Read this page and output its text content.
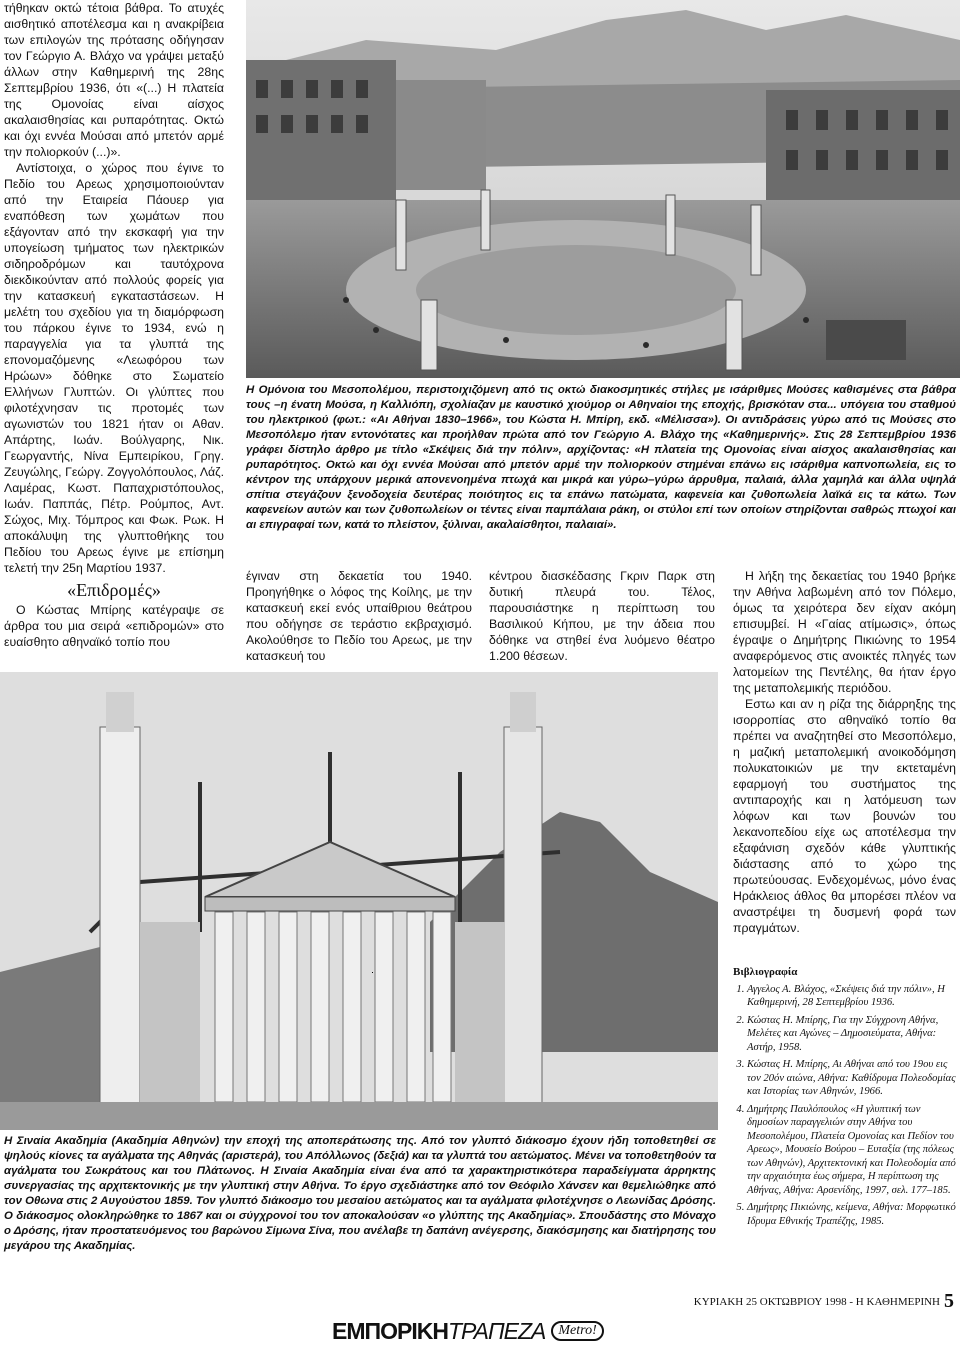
τήθηκαν οκτώ τέτοια βάθρα. Το ατυχές αισθητικό αποτέλεσμα και η ανακρίβεια των επιλογών της πρότασης οδήγησαν τον Γεώργιο Α. Βλάχο να γράψει μεταξύ άλλων στην Καθημερινή της 28ης Σεπτεμβρίου 1936, ότι «(...) Η πλατεία της Ομονοίας είναι αίσχος ακαλαισθησίας και ρυπαρότητας. Οκτώ και όχι εννέα Μούσαι από μπετόν αρμέ την πολιορκούν (...)».

Αντίστοιχα, ο χώρος που έγινε το Πεδίο του Αρεως χρησιμοποιούνταν από την Εταιρεία Πάουερ για εναπόθεση των χωμάτων που εξάγονταν από την εκσκαφή για την υπογείωση τμήματος των ηλεκτρικών σιδηροδρόμων και ταυτόχρονα διεκδικούνταν από πολλούς φορείς για την κατασκευή εγκαταστάσεων. Η μελέτη του σχεδίου για τη διαμόρφωση του πάρκου έγινε το 1934, ενώ η παραγγελία για τα γλυπτά της επονομαζόμενης «Λεωφόρου των Ηρώων» δόθηκε στο Σωματείο Ελλήνων Γλυπτών. Οι γλύπτες που φιλοτέχνησαν τις προτομές των αγωνιστών του 1821 ήταν οι Αθαν. Απάρτης, Ιωάν. Βούλγαρης, Νικ. Γεωργαντής, Νίνα Εμπειρίκου, Γρηγ. Ζευγώλης, Γεώργ. Ζογγολόπουλος, Λάζ. Λαμέρας, Κωστ. Παπαχριστόπουλος, Ιωάν. Παππάς, Πέτρ. Ρούμπος, Αντ. Σώχος, Μιχ. Τόμπρος και Φωκ. Ρωκ. Η αποκάλυψη της γλυπτοθήκης του Πεδίου του Αρεως έγινε με επίσημη τελετή την 25η Μαρτίου 1937.

«Επιδρομές»

Ο Κώστας Μπίρης κατέγραψε σε άρθρα του μια σειρά «επιδρομών» στο ευαίσθητο αθηναϊκό τοπίο που

Η Ομόνοια του Μεσοπολέμου, περιστοιχιζόμενη από τις οκτώ διακοσμητικές στήλες με ισάριθμες Μούσες καθισμένες στα βάθρα τους –η ένατη Μούσα, η Καλλιόπη, σχολίαζαν με καυστικό χιούμορ οι Αθηναίοι της εποχής, βρισκόταν στα... υπόγεια του σταθμού του ηλεκτρικού (φωτ.: «Αι Αθήναι 1830–1966», του Κώστα Η. Μπίρη, εκδ. «Μέλισσα»). Οι αντιδράσεις γύρω από τις Μούσες στο Μεσοπόλεμο ήταν εντονότατες και προήλθαν πρώτα από τον Γεώργιο Α. Βλάχο της «Καθημερινής». Στις 28 Σεπτεμβρίου 1936 γράφει δίστηλο άρθρο με τίτλο «Σκέψεις διά την πόλιν», αρχίζοντας: «Η πλατεία της Ομονοίας είναι αίσχος ακαλαισθησίας και ρυπαρότητος. Οκτώ και όχι εννέα Μούσαι από μπετόν αρμέ την πολιορκούν στημέναι επάνω εις ισάριθμα καπνοπωλεία, εις το κέντρον της υπάρχουν μερικά απονενοημένα πτωχά και μικρά και γύρω–γύρω άρρυθμα, παλαιά, άλλα χαμηλά και άλλα υψηλά σπίτια στεγάζουν ξενοδοχεία δευτέρας ποιότητος εις τα επάνω πατώματα, καφενεία και ζυθοπωλεία λαϊκά εις τα κάτω. Των καφενείων αυτών και των ζυθοπωλείων οι τέντες είναι παμπάλαια ράκη, οι στύλοι επί των οποίων στηρίζονται σαθρώς πτωχοί και αι επιγραφαί των, κατά το πλείστον, ξύλιναι, ακαλαίσθητοι, παλαιαί».
έγιναν στη δεκαετία του 1940. Προηγήθηκε ο λόφος της Κοίλης, με την κατασκευή εκεί ενός υπαίθριου θεάτρου που οδήγησε σε τεράστιο εκβραχισμό. Ακολούθησε το Πεδίο του Αρεως, με την κατασκευή του
κέντρου διασκέδασης Γκριν Παρκ στη δυτική πλευρά του. Τέλος, παρουσιάστηκε η περίπτωση του Βασιλικού Κήπου, με την άδεια που δόθηκε να στηθεί ένα λυόμενο θέατρο 1.200 θέσεων.

Η λήξη της δεκαετίας του 1940 βρήκε την Αθήνα λαβωμένη από τον Πόλεμο, όμως τα χειρότερα δεν είχαν ακόμη επισυμβεί. Η «Γαίας ατίμωσις», όπως έγραψε ο Δημήτρης Πικιώνης το 1954 αναφερόμενος στις ανοικτές πληγές των λατομείων της Πεντέλης, θα ήταν έργο της μεταπολεμικής περιόδου.

Εστω και αν η ρίζα της διάρρηξης της ισορροπίας στο αθηναϊκό τοπίο θα πρέπει να αναζητηθεί στο Μεσοπόλεμο, η μαζική μεταπολεμική ανοικοδόμηση πολυκατοικιών με την εκτεταμένη εφαρμογή του συστήματος της αντιπαροχής και η λατόμευση των λόφων και των βουνών του λεκανοπεδίου είχε ως αποτέλεσμα την εξαφάνιση σχεδόν κάθε γλυπτικής διάστασης από το χώρο της πρωτεύουσας. Ενδεχομένως, μόνο ένας Ηράκλειος άθλος θα μπορέσει πλέον να αναστρέψει τη δυσμενή φορά των πραγμάτων.

Βιβλιογραφία
1. Αγγελος Α. Βλάχος, «Σκέψεις διά την πόλιν», Η Καθημερινή, 28 Σεπτεμβρίου 1936.
2. Κώστας Η. Μπίρης, Για την Σύγχρονη Αθήνα, Μελέτες και Αγώνες – Δημοσιεύματα, Αθήνα: Αστήρ, 1958.
3. Κώστας Η. Μπίρης, Αι Αθήναι από του 19ου εις τον 20όν αιώνα, Αθήνα: Καθίδρυμα Πολεοδομίας και Ιστορίας των Αθηνών, 1966.
4. Δημήτρης Παυλόπουλος «Η γλυπτική των δημοσίων παραγγελιών στην Αθήνα του Μεσοπολέμου, Πλατεία Ομονοίας και Πεδίον του Αρεως», Μουσείο Βούρου – Ευταξία (της πόλεως των Αθηνών), Αρχιτεκτονική και Πολεοδομία από την αρχαιότητα έως σήμερα, Η περίπτωση της Αθήνας, Αθήνα: Αρσενίδης, 1997, σελ. 177–185.
5. Δημήτρης Πικιώνης, κείμενα, Αθήνα: Μορφωτικό Ιδρυμα Εθνικής Τραπέζης, 1985.
Η Σιναία Ακαδημία (Ακαδημία Αθηνών) την εποχή της αποπεράτωσης της. Από τον γλυπτό διάκοσμο έχουν ήδη τοποθετηθεί σε ψηλούς κίονες τα αγάλματα της Αθηνάς (αριστερά), του Απόλλωνος (δεξιά) και τα γλυπτά του αετώματος. Μένει να τοποθετηθούν τα αγάλματα του Σωκράτους και του Πλάτωνος. Η Σιναία Ακαδημία είναι ένα από τα χαρακτηριστικότερα παραδείγματα άρρηκτης συνεργασίας της αρχιτεκτονικής με την γλυπτική στην Αθήνα. Το έργο σχεδιάστηκε από τον Θεόφιλο Χάνσεν και θεμελιώθηκε από τον Οθωνα στις 2 Αυγούστου 1859. Τον γλυπτό διάκοσμο του μεσαίου αετώματος και τα αγάλματα φιλοτέχνησε ο Λεωνίδας Δρόσης. Ο διάκοσμος ολοκληρώθηκε το 1867 και οι σύγχρονοί του τον αποκαλούσαν «ο γλύπτης της Ακαδημίας». Σπουδάστης στο Μόναχο ο Δρόσης, ήταν προστατευόμενος του βαρώνου Σίμωνα Σίνα, που ανέλαβε τη δαπάνη ανέγερσης, διακόσμησης και διατήρησης του μεγάρου της Ακαδημίας.
ΚΥΡΙΑΚΗ 25 ΟΚΤΩΒΡΙΟΥ 1998 - Η ΚΑΘΗΜΕΡΙΝΗ 5
ΕΜΠΟΡΙΚΗ ΤΡΑΠΕΖΑ Metro!
